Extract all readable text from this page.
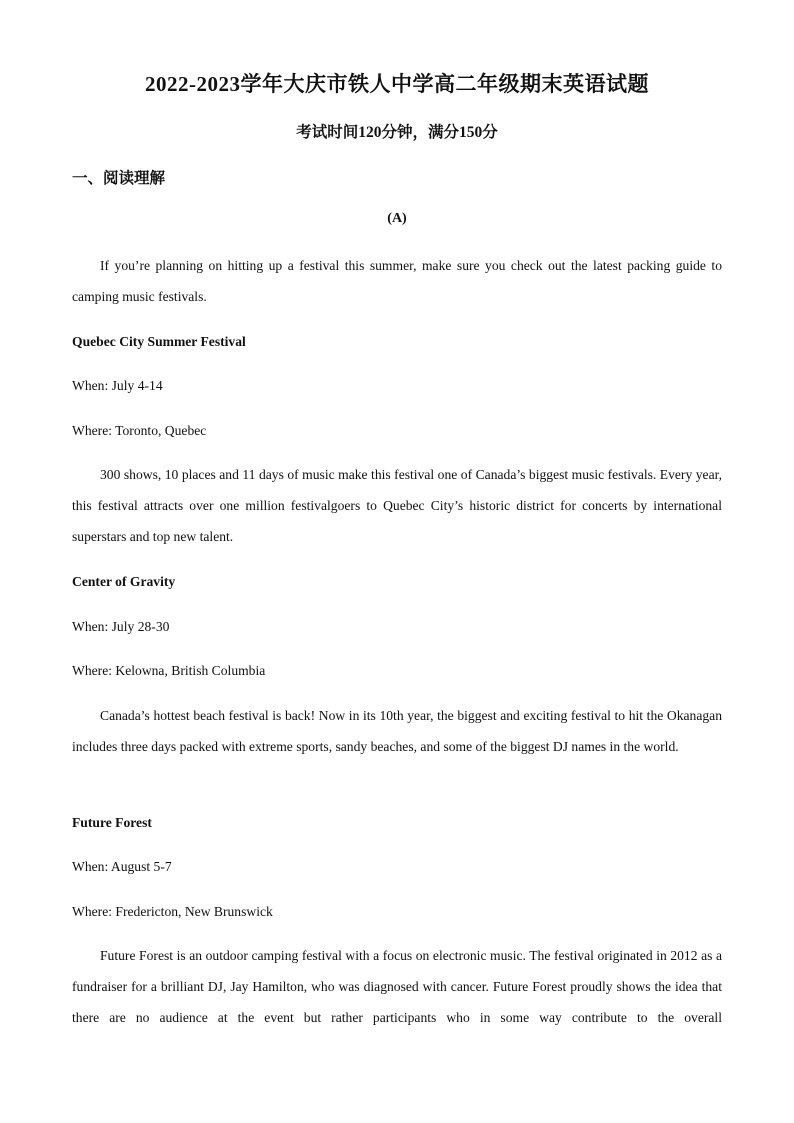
2022-2023学年大庆市铁人中学高二年级期末英语试题
考试时间120分钟，满分150分
一、阅读理解
(A)
If you’re planning on hitting up a festival this summer, make sure you check out the latest packing guide to camping music festivals.
Quebec City Summer Festival
When: July 4-14
Where: Toronto, Quebec
300 shows, 10 places and 11 days of music make this festival one of Canada’s biggest music festivals. Every year, this festival attracts over one million festivalgoers to Quebec City’s historic district for concerts by international superstars and top new talent.
Center of Gravity
When: July 28-30
Where: Kelowna, British Columbia
Canada’s hottest beach festival is back! Now in its 10th year, the biggest and exciting festival to hit the Okanagan includes three days packed with extreme sports, sandy beaches, and some of the biggest DJ names in the world.
Future Forest
When: August 5-7
Where: Fredericton, New Brunswick
Future Forest is an outdoor camping festival with a focus on electronic music. The festival originated in 2012 as a fundraiser for a brilliant DJ, Jay Hamilton, who was diagnosed with cancer. Future Forest proudly shows the idea that there are no audience at the event but rather participants who in some way contribute to the overall
